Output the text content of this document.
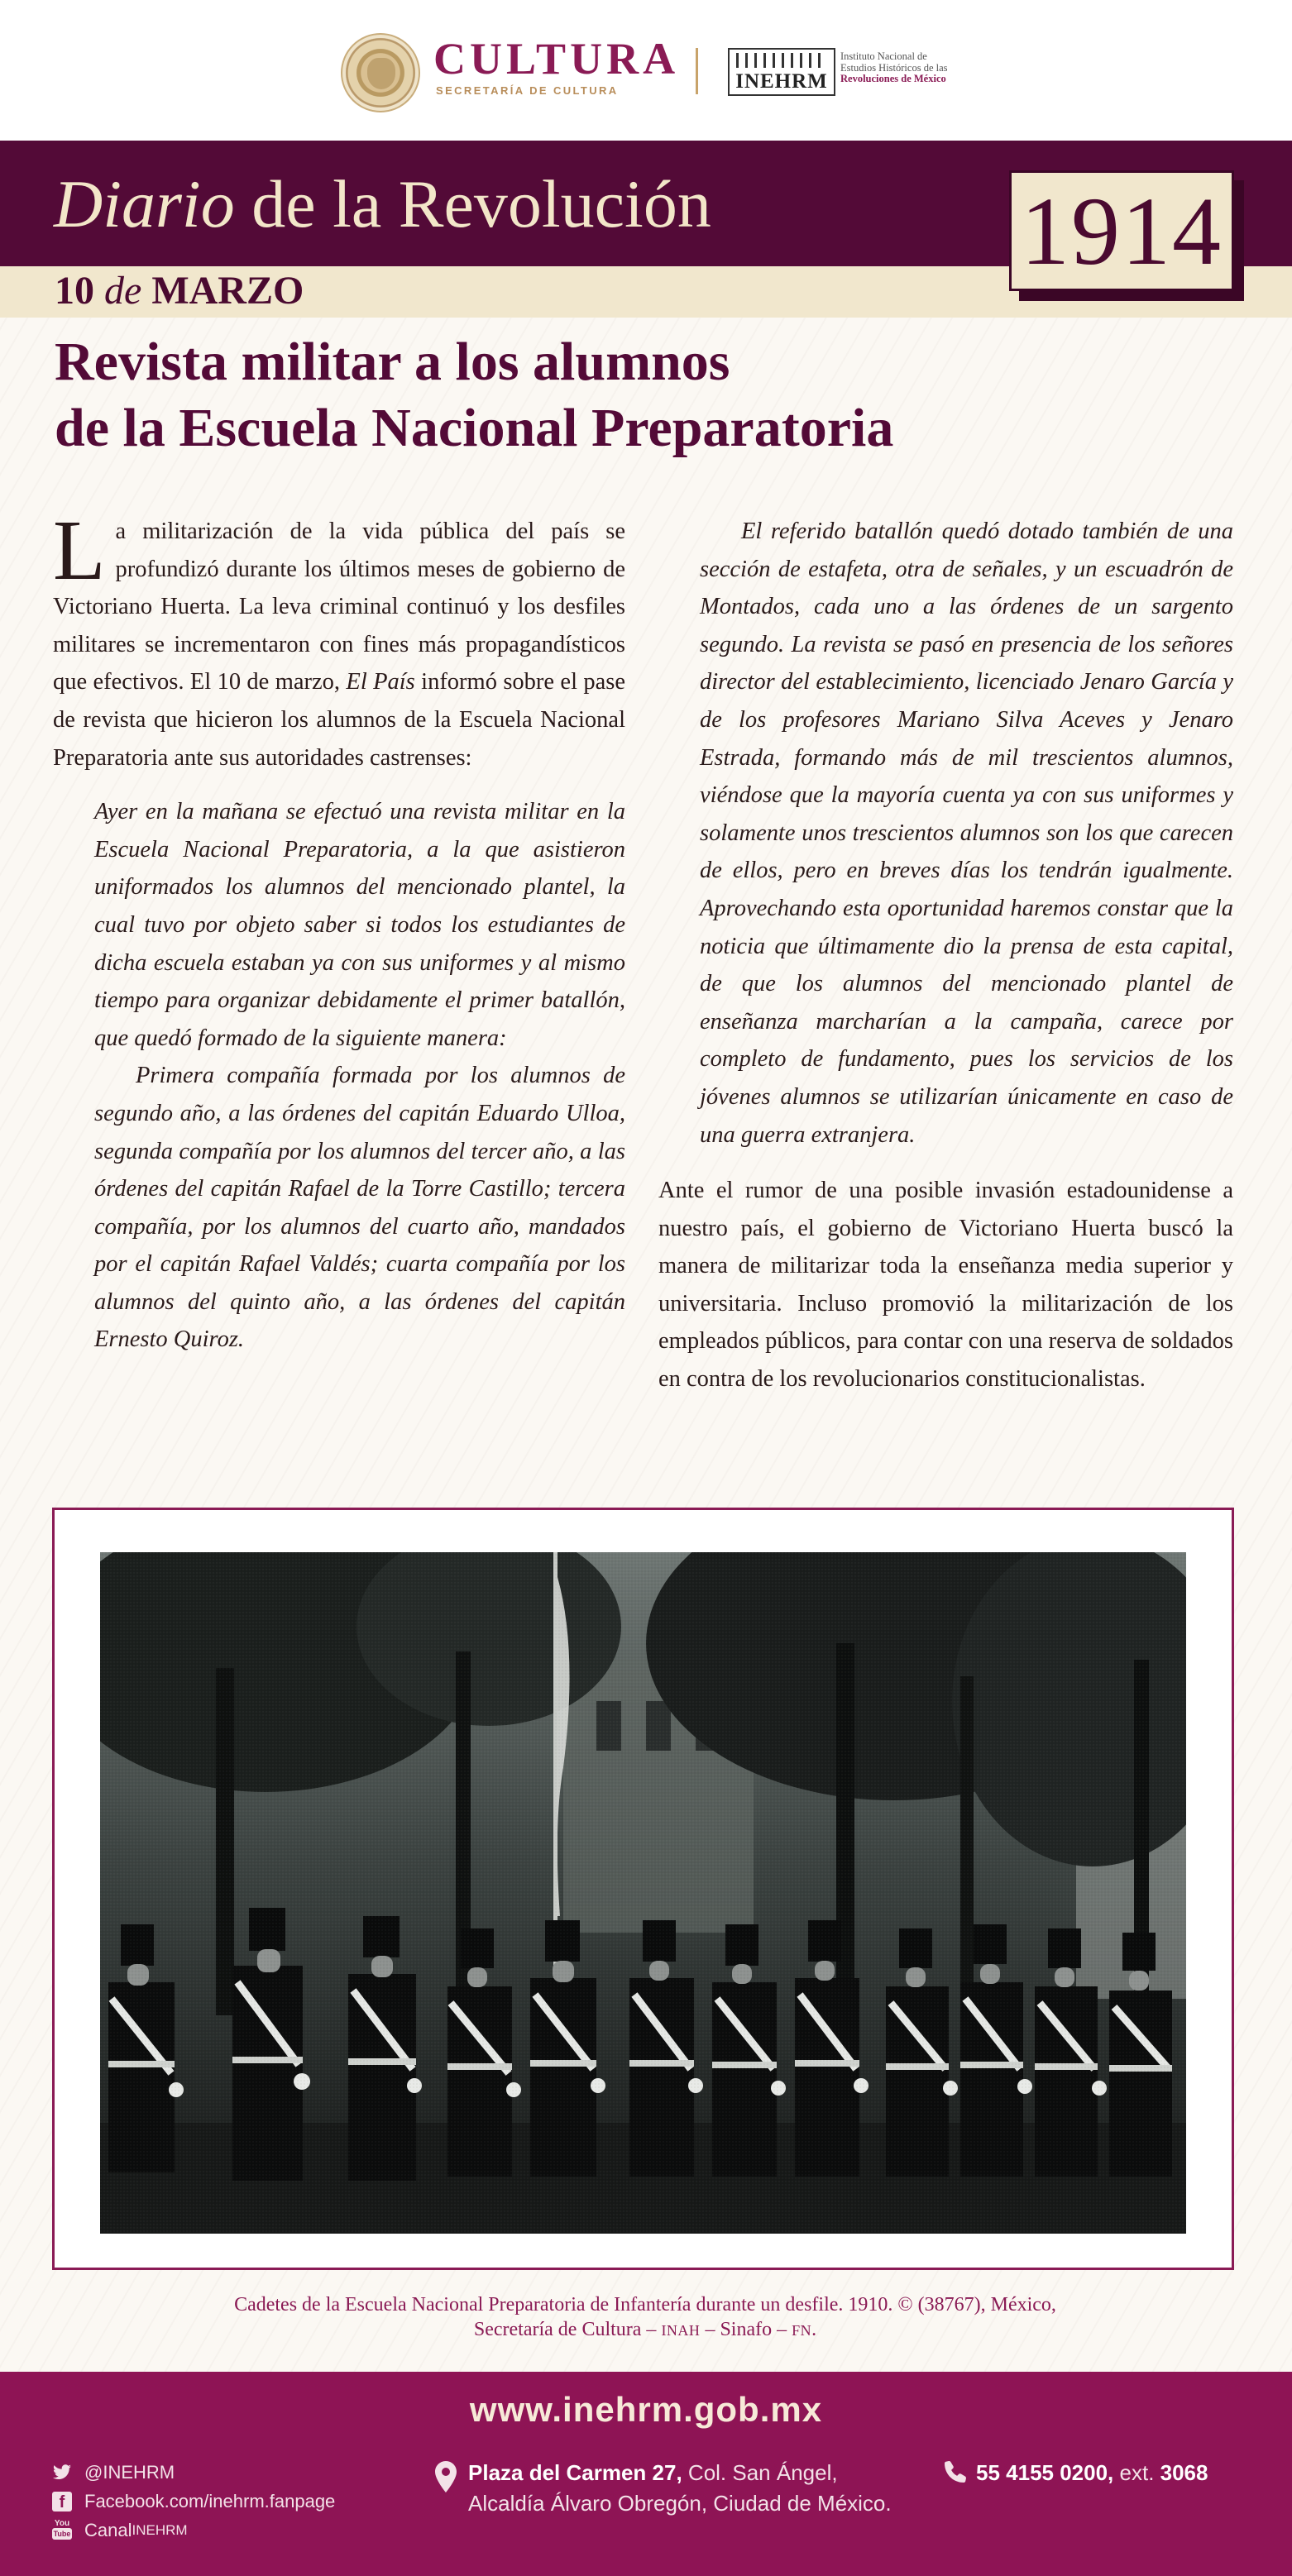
CULTURA
SECRETARÍA DE CULTURA	INEHRM
Instituto Nacional de
Estudios Históricos de las
Revoluciones de México
Diario de la Revolución
10 de MARZO
1914
Revista militar a los alumnos
de la Escuela Nacional Preparatoria

La militarización de la vida pública del país se profundizó durante los últimos meses de gobierno de Victoriano Huerta. La leva criminal continuó y los desfiles militares se incrementaron con fines más propagandísticos que efectivos. El 10 de marzo, El País informó sobre el pase de revista que hicieron los alumnos de la Escuela Nacional Preparatoria ante sus autoridades castrenses:

Ayer en la mañana se efectuó una revista militar en la Escuela Nacional Preparatoria, a la que asistieron uniformados los alumnos del mencionado plantel, la cual tuvo por objeto saber si todos los estudiantes de dicha escuela estaban ya con sus uniformes y al mismo tiempo para organizar debidamente el primer batallón, que quedó formado de la siguiente manera:

Primera compañía formada por los alumnos de segundo año, a las órdenes del capitán Eduardo Ulloa, segunda compañía por los alumnos del tercer año, a las órdenes del capitán Rafael de la Torre Castillo; tercera compañía, por los alumnos del cuarto año, mandados por el capitán Rafael Valdés; cuarta compañía por los alumnos del quinto año, a las órdenes del capitán Ernesto Quiroz.

El referido batallón quedó dotado también de una sección de estafeta, otra de señales, y un escuadrón de Montados, cada uno a las órdenes de un sargento segundo. La revista se pasó en presencia de los señores director del establecimiento, licenciado Jenaro García y de los profesores Mariano Silva Aceves y Jenaro Estrada, formando más de mil trescientos alumnos, viéndose que la mayoría cuenta ya con sus uniformes y solamente unos trescientos alumnos son los que carecen de ellos, pero en breves días los tendrán igualmente. Aprovechando esta oportunidad haremos constar que la noticia que últimamente dio la prensa de esta capital, de que los alumnos del mencionado plantel de enseñanza marcharían a la campaña, carece por completo de fundamento, pues los servicios de los jóvenes alumnos se utilizarían únicamente en caso de una guerra extranjera.

Ante el rumor de una posible invasión estadounidense a nuestro país, el gobierno de Victoriano Huerta buscó la manera de militarizar toda la enseñanza media superior y universitaria. Incluso promovió la militarización de los empleados públicos, para contar con una reserva de soldados en contra de los revolucionarios constitucionalistas.

Cadetes de la Escuela Nacional Preparatoria de Infantería durante un desfile. 1910. © (38767), México,
Secretaría de Cultura – INAH – Sinafo – FN.
www.inehrm.gob.mx
@INEHRM
f	Facebook.com/inehrm.fanpage
You
Tube Canal INEHRM
Plaza del Carmen 27, Col. San Ángel,
Alcaldía Álvaro Obregón, Ciudad de México.
55 4155 0200, ext. 3068
